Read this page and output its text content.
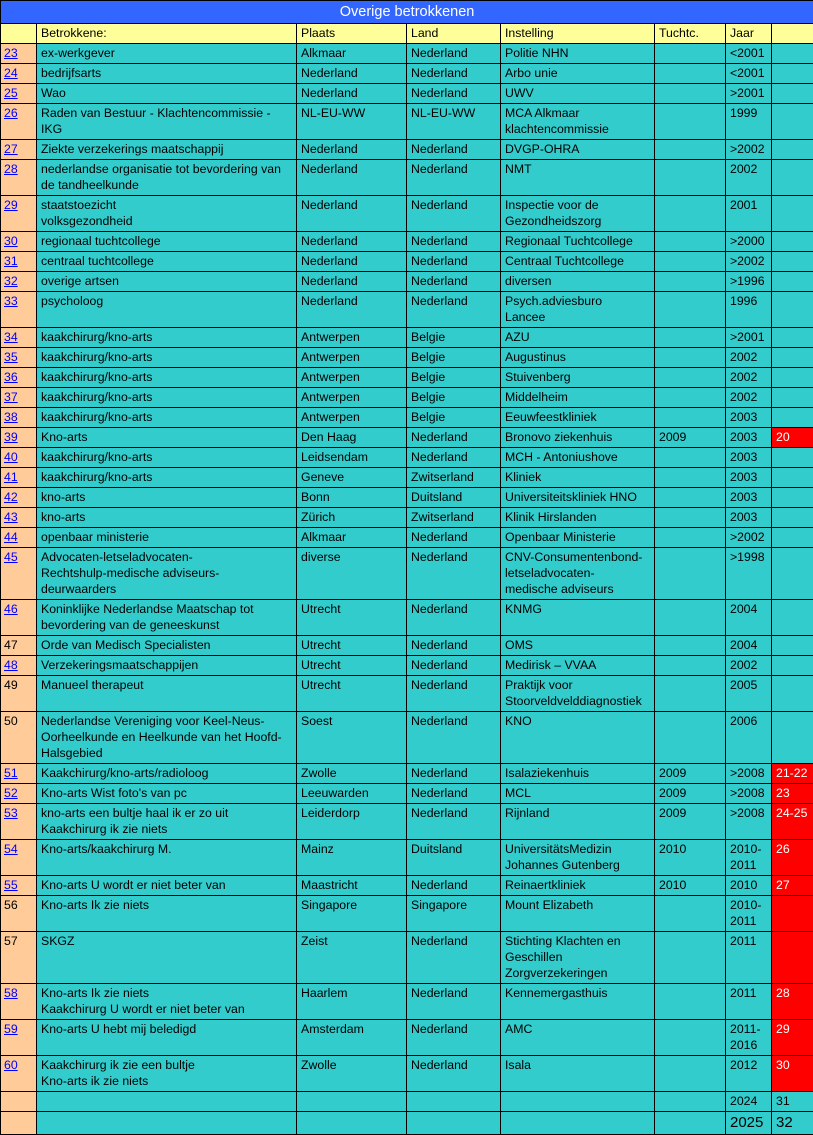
Overige betrokkenen							
	Betrokkene:	Plaats	Land	Instelling	Tuchtc.	Jaar	
23	ex-werkgever	Alkmaar	Nederland	Politie NHN		<2001	
24	bedrijfsarts	Nederland	Nederland	Arbo unie		<2001	
25	Wao	Nederland	Nederland	UWV		>2001	
26	Raden van Bestuur - Klachtencommissie -
IKG	NL-EU-WW	NL-EU-WW	MCA Alkmaar
klachtencommissie		1999	
27	Ziekte verzekerings maatschappij	Nederland	Nederland	DVGP-OHRA		>2002	
28	nederlandse organisatie tot bevordering van
de tandheelkunde	Nederland	Nederland	NMT		2002	
29	staatstoezicht
volksgezondheid	Nederland	Nederland	Inspectie voor de
Gezondheidszorg		2001	
30	regionaal tuchtcollege	Nederland	Nederland	Regionaal Tuchtcollege		>2000	
31	centraal tuchtcollege	Nederland	Nederland	Centraal Tuchtcollege		>2002	
32	overige artsen	Nederland	Nederland	diversen		>1996	
33	psycholoog	Nederland	Nederland	Psych.adviesburo
Lancee		1996	
34	kaakchirurg/kno-arts	Antwerpen	Belgie	AZU		>2001	
35	kaakchirurg/kno-arts	Antwerpen	Belgie	Augustinus		2002	
36	kaakchirurg/kno-arts	Antwerpen	Belgie	Stuivenberg		2002	
37	kaakchirurg/kno-arts	Antwerpen	Belgie	Middelheim		2002	
38	kaakchirurg/kno-arts	Antwerpen	Belgie	Eeuwfeestkliniek		2003	
39	Kno-arts	Den Haag	Nederland	Bronovo ziekenhuis	2009	2003	20
40	kaakchirurg/kno-arts	Leidsendam	Nederland	MCH - Antoniushove		2003	
41	kaakchirurg/kno-arts	Geneve	Zwitserland	Kliniek		2003	
42	kno-arts	Bonn	Duitsland	Universiteitskliniek HNO		2003	
43	kno-arts	Zürich	Zwitserland	Klinik Hirslanden		2003	
44	openbaar ministerie	Alkmaar	Nederland	Openbaar Ministerie		>2002	
45	Advocaten-letseladvocaten-
Rechtshulp-medische adviseurs-
deurwaarders	diverse	Nederland	CNV-Consumentenbond-
letseladvocaten-
medische adviseurs		>1998	
46	Koninklijke Nederlandse Maatschap tot
bevordering van de geneeskunst	Utrecht	Nederland	KNMG		2004	
47	Orde van Medisch Specialisten	Utrecht	Nederland	OMS		2004	
48	Verzekeringsmaatschappijen	Utrecht	Nederland	Medirisk – VVAA		2002	
49	Manueel therapeut	Utrecht	Nederland	Praktijk voor
Stoorveldvelddiagnostiek		2005	
50	Nederlandse Vereniging voor Keel-Neus-
Oorheelkunde en Heelkunde van het Hoofd-
Halsgebied	Soest	Nederland	KNO		2006	
51	Kaakchirurg/kno-arts/radioloog	Zwolle	Nederland	Isalaziekenhuis	2009	>2008	21-22
52	Kno-arts Wist foto's van pc	Leeuwarden	Nederland	MCL	2009	>2008	23
53	kno-arts een bultje haal ik er zo uit
Kaakchirurg ik zie niets	Leiderdorp	Nederland	Rijnland	2009	>2008	24-25
54	Kno-arts/kaakchirurg M.	Mainz	Duitsland	UniversitätsMedizin
Johannes Gutenberg	2010	2010-
2011	26
55	Kno-arts U wordt er niet beter van	Maastricht	Nederland	Reinaertkliniek	2010	2010	27
56	Kno-arts Ik zie niets	Singapore	Singapore	Mount Elizabeth		2010-
2011	
57	SKGZ	Zeist	Nederland	Stichting Klachten en
Geschillen
Zorgverzekeringen		2011	
58	Kno-arts Ik zie niets
Kaakchirurg U wordt er niet beter van	Haarlem	Nederland	Kennemergasthuis		2011	28
59	Kno-arts U hebt mij beledigd	Amsterdam	Nederland	AMC		2011-
2016	29
60	Kaakchirurg ik zie een bultje
Kno-arts ik zie niets	Zwolle	Nederland	Isala		2012	30
						2024	31
						2025	32
